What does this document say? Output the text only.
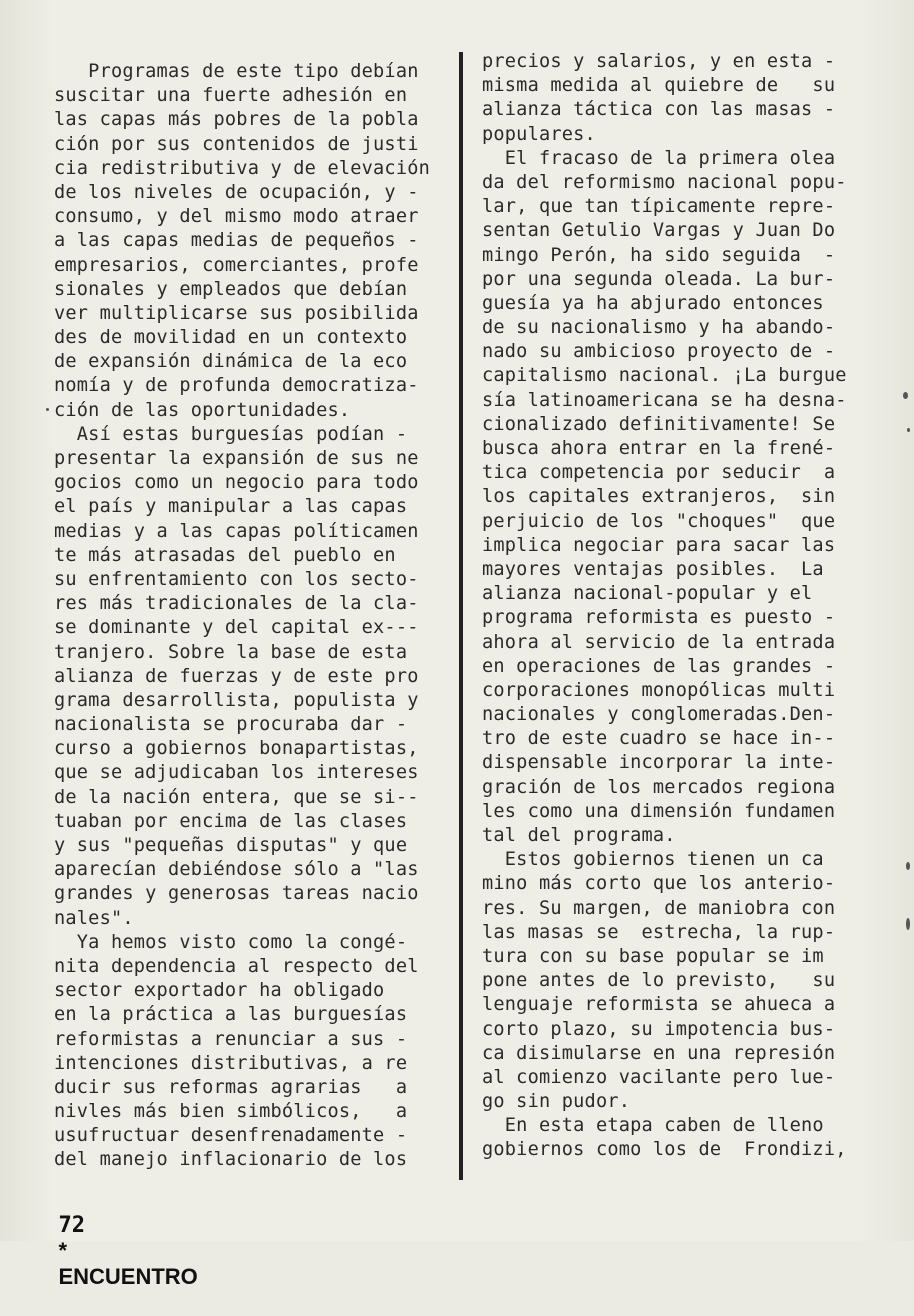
Programas de este tipo debían
suscitar una fuerte adhesión en
las capas más pobres de la pobla
ción por sus contenidos de justi
cia redistributiva y de elevación
de los niveles de ocupación, y -
consumo, y del mismo modo atraer
a las capas medias de pequeños -
empresarios, comerciantes, profe
sionales y empleados que debían
ver multiplicarse sus posibilida
des de movilidad en un contexto
de expansión dinámica de la eco
nomía y de profunda democratiza-
ción de las oportunidades.
Así estas burguesías podían -
presentar la expansión de sus ne
gocios como un negocio para todo
el país y manipular a las capas
medias y a las capas políticamen
te más atrasadas del pueblo en
su enfrentamiento con los secto-
res más tradicionales de la cla-
se dominante y del capital ex---
tranjero. Sobre la base de esta
alianza de fuerzas y de este pro
grama desarrollista, populista y
nacionalista se procuraba dar -
curso a gobiernos bonapartistas,
que se adjudicaban los intereses
de la nación entera, que se si--
tuaban por encima de las clases
y sus "pequeñas disputas" y que
aparecían debiéndose sólo a "las
grandes y generosas tareas nacio
nales".
Ya hemos visto como la congé-
nita dependencia al respecto del
sector exportador ha obligado
en la práctica a las burguesías
reformistas a renunciar a sus -
intenciones distributivas, a re
ducir sus reformas agrarias   a
nivles más bien simbólicos,   a
usufructuar desenfrenadamente -
del manejo inflacionario de los
precios y salarios, y en esta -
misma medida al quiebre de   su
alianza táctica con las masas -
populares.
El fracaso de la primera olea
da del reformismo nacional popu-
lar, que tan típicamente repre-
sentan Getulio Vargas y Juan Do
mingo Perón, ha sido seguida  -
por una segunda oleada. La bur-
guesía ya ha abjurado entonces
de su nacionalismo y ha abando-
nado su ambicioso proyecto de -
capitalismo nacional. ¡La burgue
sía latinoamericana se ha desna-
cionalizado definitivamente! Se
busca ahora entrar en la frené-
tica competencia por seducir  a
los capitales extranjeros,  sin
perjuicio de los "choques"  que
implica negociar para sacar las
mayores ventajas posibles.  La
alianza nacional-popular y el
programa reformista es puesto -
ahora al servicio de la entrada
en operaciones de las grandes -
corporaciones monopólicas multi
nacionales y conglomeradas.Den-
tro de este cuadro se hace in--
dispensable incorporar la inte-
gración de los mercados regiona
les como una dimensión fundamen
tal del programa.
Estos gobiernos tienen un ca
mino más corto que los anterio-
res. Su margen, de maniobra con
las masas se  estrecha, la rup-
tura con su base popular se im
pone antes de lo previsto,   su
lenguaje reformista se ahueca a
corto plazo, su impotencia bus-
ca disimularse en una represión
al comienzo vacilante pero lue-
go sin pudor.
En esta etapa caben de lleno
gobiernos como los de  Frondizi,

72
*
ENCUENTRO
